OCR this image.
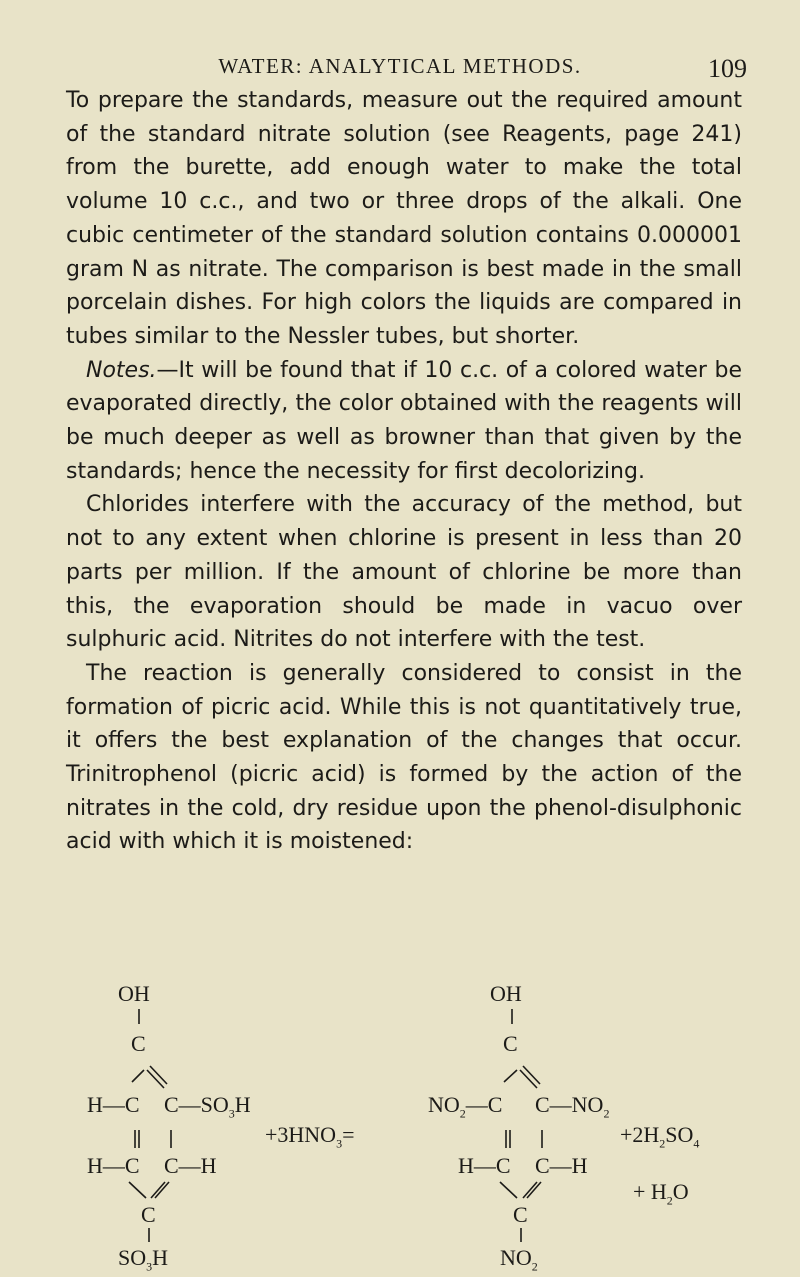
WATER: ANALYTICAL METHODS.	109

To prepare the standards, measure out the required amount of the standard nitrate solution (see Reagents, page 241) from the burette, add enough water to make the total volume 10 c.c., and two or three drops of the alkali. One cubic centimeter of the standard solution contains 0.000001 gram N as nitrate. The comparison is best made in the small porcelain dishes. For high colors the liquids are compared in tubes similar to the Nessler tubes, but shorter.

Notes.—It will be found that if 10 c.c. of a colored water be evaporated directly, the color obtained with the reagents will be much deeper as well as browner than that given by the standards; hence the necessity for first decolorizing.

Chlorides interfere with the accuracy of the method, but not to any extent when chlorine is present in less than 20 parts per million. If the amount of chlorine be more than this, the evaporation should be made in vacuo over sulphuric acid. Nitrites do not interfere with the test.

The reaction is generally considered to consist in the formation of picric acid. While this is not quantitatively true, it offers the best explanation of the changes that occur. Trinitrophenol (picric acid) is formed by the action of the nitrates in the cold, dry residue upon the phenol-disulphonic acid with which it is moistened:

OH
C
H—C $C—SO_3H$
H—C C—H
C
$SO_3H$
$+3HNO_3=$
OH
C
$NO_2—C$ $C—NO_2$
H—C C—H
C
$NO_2$
$+2H_2SO_4$
+ $H_2O$
